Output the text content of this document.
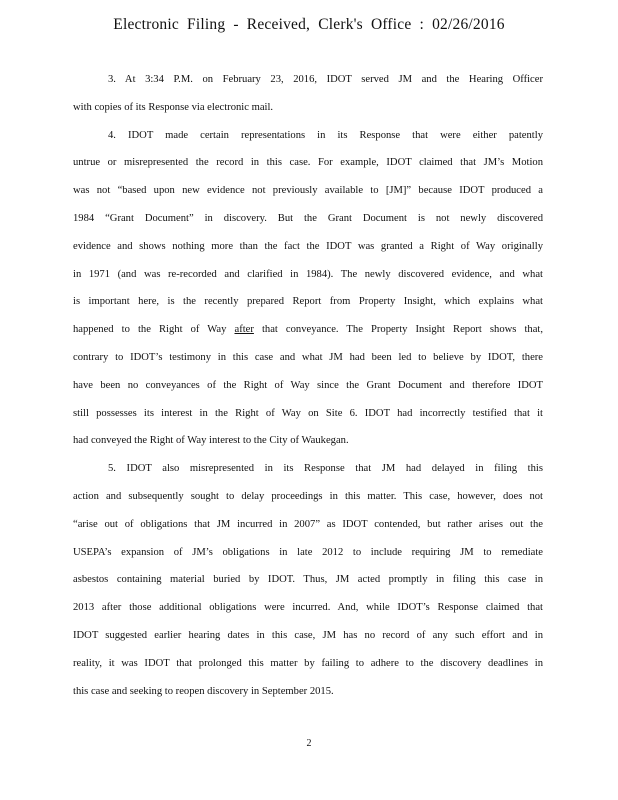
Electronic Filing - Received, Clerk's Office : 02/26/2016
3. At 3:34 P.M. on February 23, 2016, IDOT served JM and the Hearing Officer
with copies of its Response via electronic mail.
4. IDOT made certain representations in its Response that were either patently
untrue or misrepresented the record in this case. For example, IDOT claimed that JM’s Motion
was not “based upon new evidence not previously available to [JM]” because IDOT produced a
1984 “Grant Document” in discovery. But the Grant Document is not newly discovered
evidence and shows nothing more than the fact the IDOT was granted a Right of Way originally
in 1971 (and was re-recorded and clarified in 1984). The newly discovered evidence, and what
is important here, is the recently prepared Report from Property Insight, which explains what
happened to the Right of Way after that conveyance. The Property Insight Report shows that,
contrary to IDOT’s testimony in this case and what JM had been led to believe by IDOT, there
have been no conveyances of the Right of Way since the Grant Document and therefore IDOT
still possesses its interest in the Right of Way on Site 6. IDOT had incorrectly testified that it
had conveyed the Right of Way interest to the City of Waukegan.
5. IDOT also misrepresented in its Response that JM had delayed in filing this
action and subsequently sought to delay proceedings in this matter. This case, however, does not
“arise out of obligations that JM incurred in 2007” as IDOT contended, but rather arises out the
USEPA’s expansion of JM’s obligations in late 2012 to include requiring JM to remediate
asbestos containing material buried by IDOT. Thus, JM acted promptly in filing this case in
2013 after those additional obligations were incurred. And, while IDOT’s Response claimed that
IDOT suggested earlier hearing dates in this case, JM has no record of any such effort and in
reality, it was IDOT that prolonged this matter by failing to adhere to the discovery deadlines in
this case and seeking to reopen discovery in September 2015.
2
